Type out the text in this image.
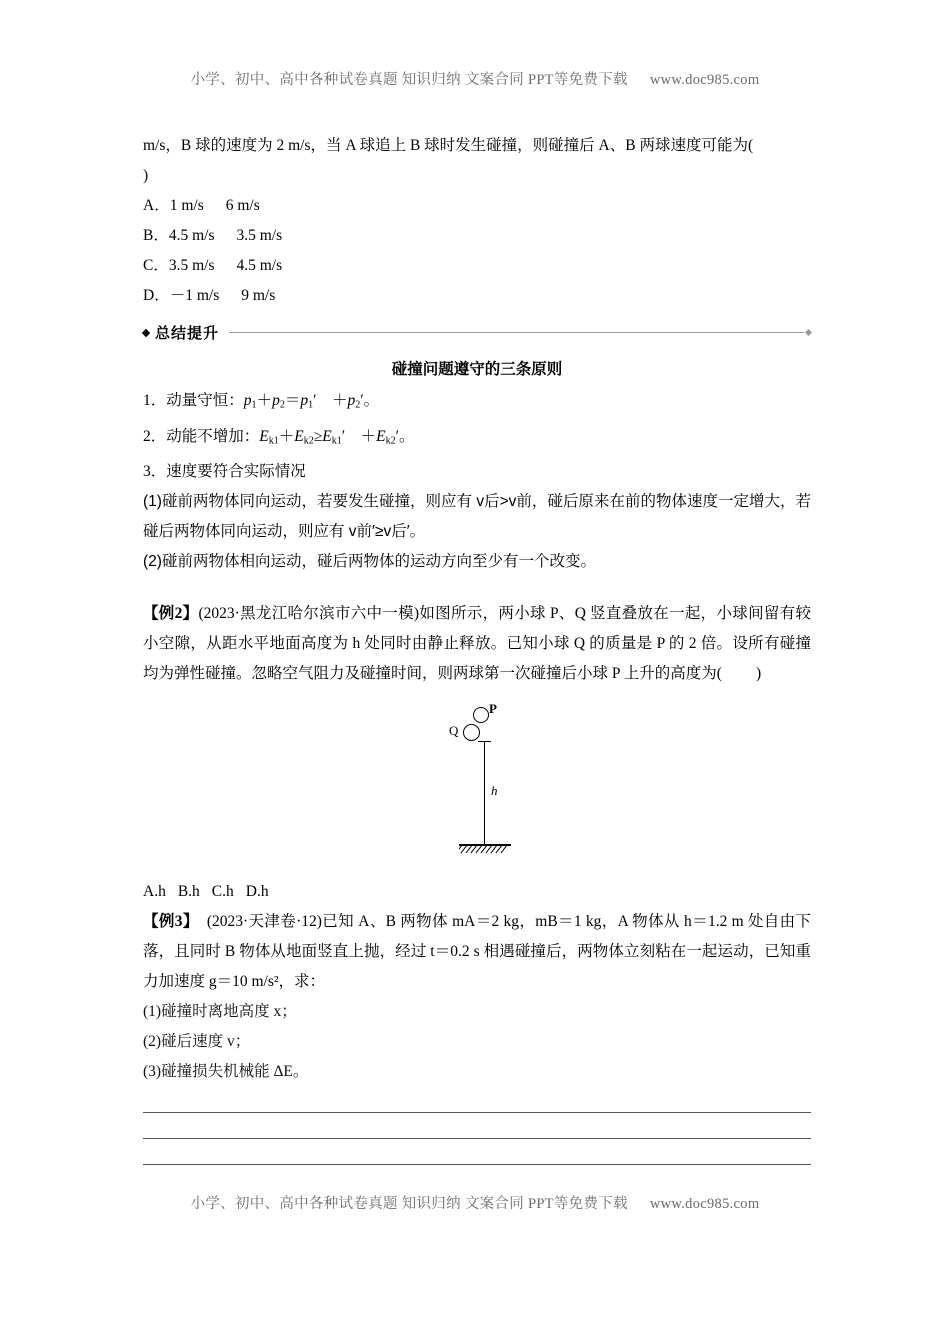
小学、初中、高中各种试卷真题 知识归纳 文案合同 PPT等免费下载 www.doc985.com
m/s，B 球的速度为 2 m/s，当 A 球追上 B 球时发生碰撞，则碰撞后 A、B 两球速度可能为(
)
A．1 m/s 6 m/s
B．4.5 m/s 3.5 m/s
C．3.5 m/s 4.5 m/s
D．－1 m/s 9 m/s
总结提升
碰撞问题遵守的三条原则
1．动量守恒：$p_1+p_2=p_1'$　$+p_2'$。
2．动能不增加：$E_{k1}+E_{k2}\ge E_{k1}'$　$+E_{k2}'$。
3．速度要符合实际情况
(1)碰前两物体同向运动，若要发生碰撞，则应有 v后>v前，碰后原来在前的物体速度一定增大，若碰后两物体同向运动，则应有 v前′≥v后′。
(2)碰前两物体相向运动，碰后两物体的运动方向至少有一个改变。
【例2】(2023·黑龙江哈尔滨市六中一模)如图所示，两小球 P、Q 竖直叠放在一起，小球间留有较小空隙，从距水平地面高度为 h 处同时由静止释放。已知小球 Q 的质量是 P 的 2 倍。设所有碰撞均为弹性碰撞。忽略空气阻力及碰撞时间，则两球第一次碰撞后小球 P 上升的高度为( )
Q
P
h
A.h B.h C.h D.h
【例3】　 (2023·天津卷·12)已知 A、B 两物体 mA＝2 kg，mB＝1 kg，A 物体从 h＝1.2 m 处自由下落，且同时 B 物体从地面竖直上抛，经过 t＝0.2 s 相遇碰撞后，两物体立刻粘在一起运动，已知重力加速度 g＝10 m/s²，求：
(1)碰撞时离地高度 x；
(2)碰后速度 v；
(3)碰撞损失机械能 ΔE。
小学、初中、高中各种试卷真题 知识归纳 文案合同 PPT等免费下载 www.doc985.com
